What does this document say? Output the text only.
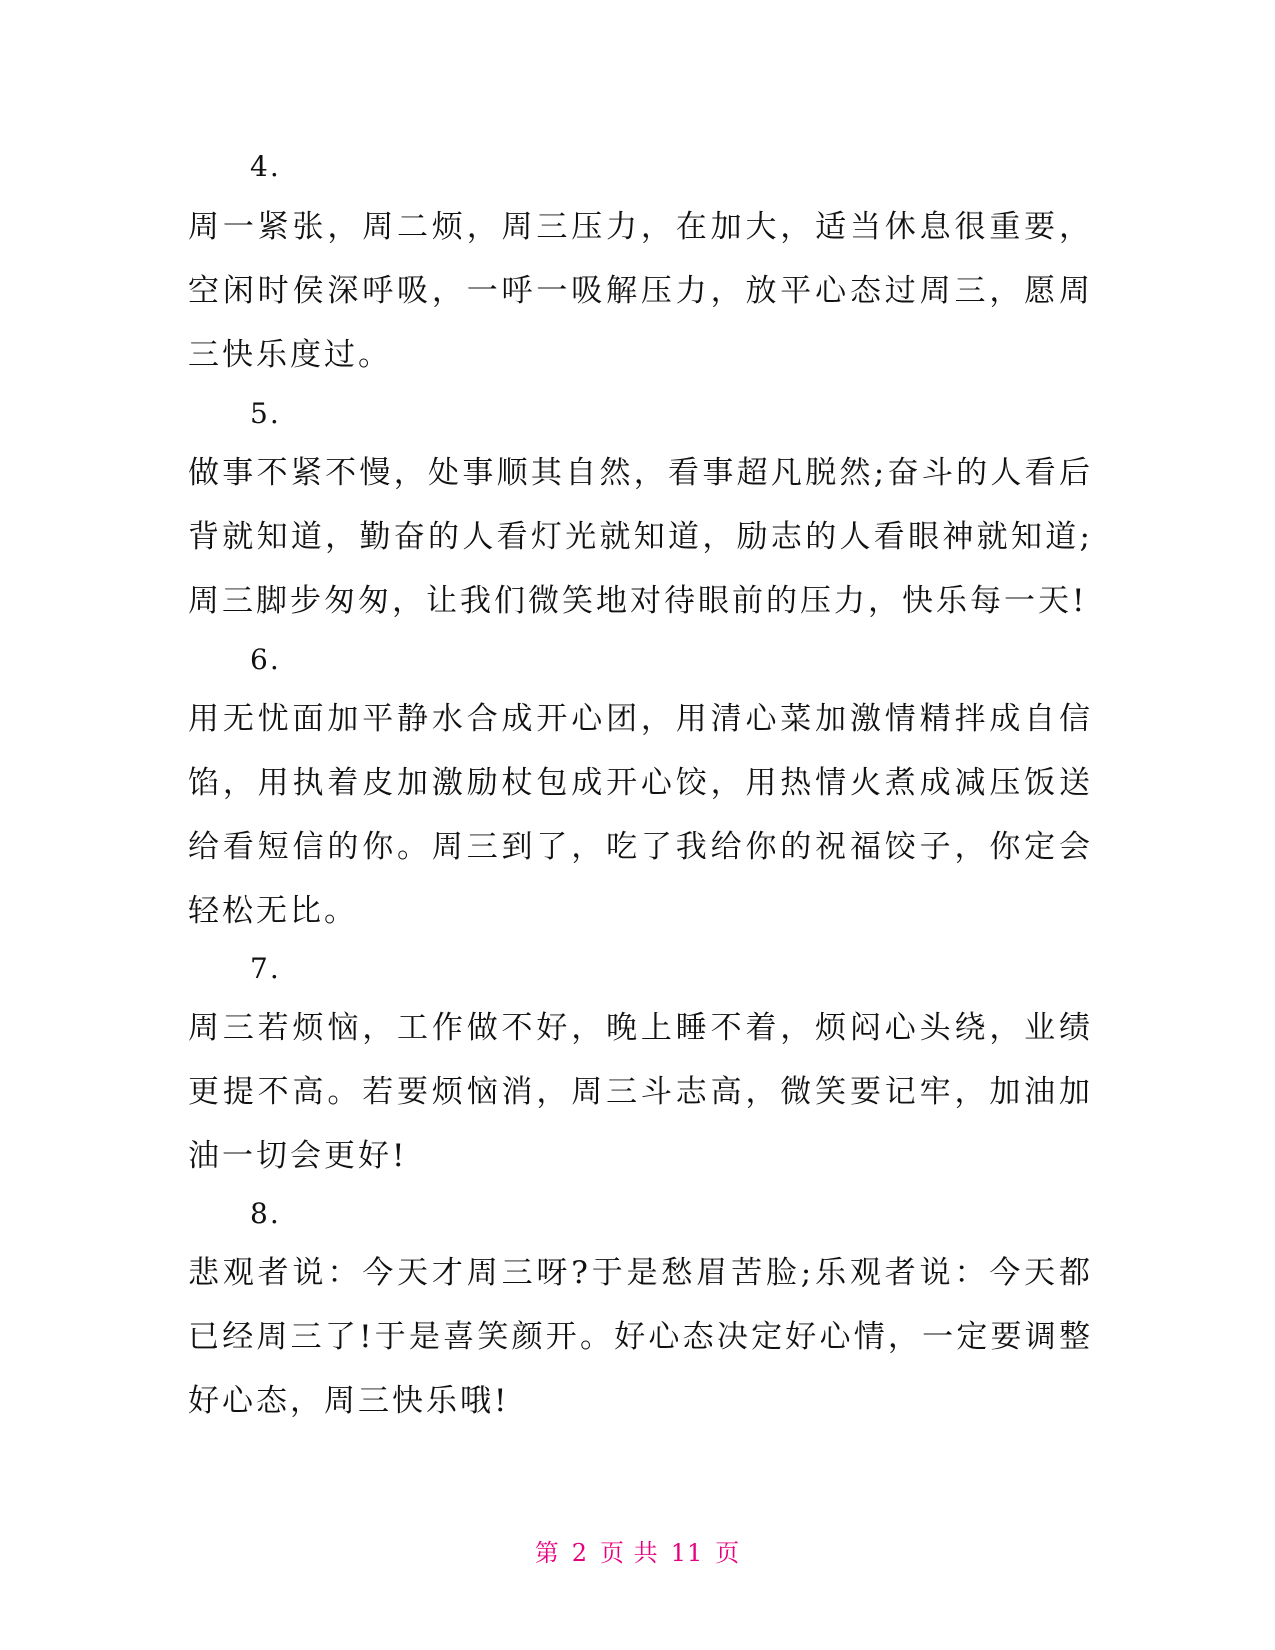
4.
周一紧张，周二烦，周三压力，在加大，适当休息很重要，空闲时侯深呼吸，一呼一吸解压力，放平心态过周三，愿周三快乐度过。
5.
做事不紧不慢，处事顺其自然，看事超凡脱然;奋斗的人看后背就知道，勤奋的人看灯光就知道，励志的人看眼神就知道;周三脚步匆匆，让我们微笑地对待眼前的压力，快乐每一天!
6.
用无忧面加平静水合成开心团，用清心菜加激情精拌成自信馅，用执着皮加激励杖包成开心饺，用热情火煮成减压饭送给看短信的你。周三到了，吃了我给你的祝福饺子，你定会轻松无比。
7.
周三若烦恼，工作做不好，晚上睡不着，烦闷心头绕，业绩更提不高。若要烦恼消，周三斗志高，微笑要记牢，加油加油一切会更好!
8.
悲观者说：今天才周三呀?于是愁眉苦脸;乐观者说：今天都已经周三了!于是喜笑颜开。好心态决定好心情，一定要调整好心态，周三快乐哦!
第 2 页 共 11 页
